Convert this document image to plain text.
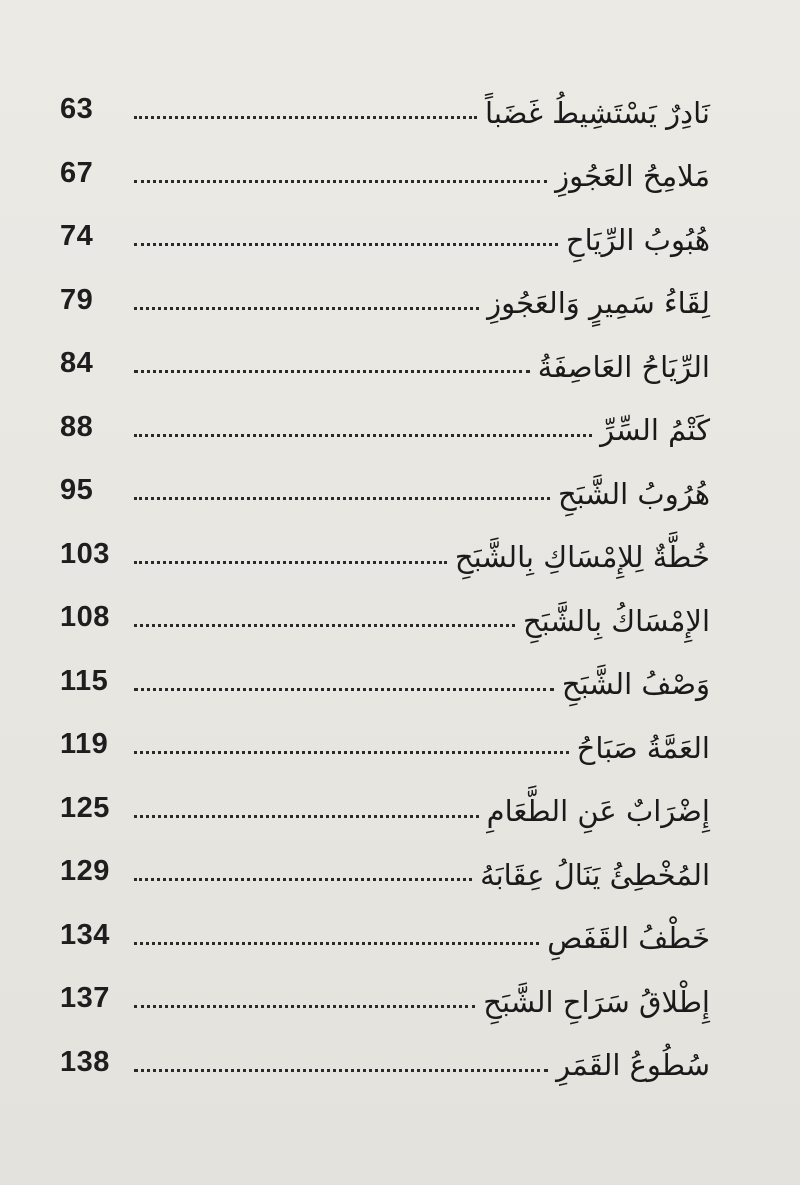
63	نَادِرٌ يَسْتَشِيطُ غَضَباً
67	مَلامِحُ العَجُوزِ
74	هُبُوبُ الرِّيَاحِ
79	لِقَاءُ سَمِيرٍ وَالعَجُوزِ
84	الرِّيَاحُ العَاصِفَةُ
88	كَتْمُ السِّرِّ
95	هُرُوبُ الشَّبَحِ
103	خُطَّةٌ لِلإِمْسَاكِ بِالشَّبَحِ
108	الإِمْسَاكُ بِالشَّبَحِ
115	وَصْفُ الشَّبَحِ
119	العَمَّةُ صَبَاحُ
125	إِضْرَابٌ عَنِ الطَّعَامِ
129	المُخْطِئُ يَنَالُ عِقَابَهُ
134	خَطْفُ القَفَصِ
137	إِطْلاقُ سَرَاحِ الشَّبَحِ
138	سُطُوعُ القَمَرِ
